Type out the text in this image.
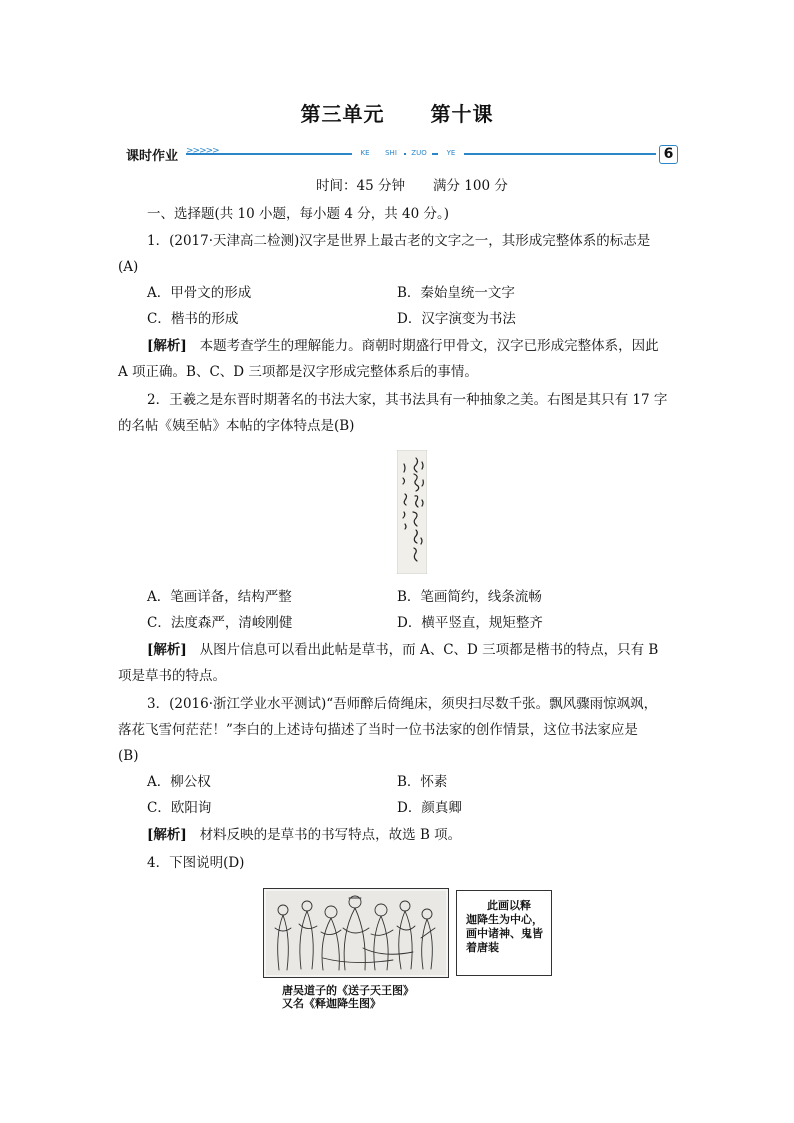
第三单元 第十课
课时作业 >>>>>	KE	SHI	ZUO	YE	6
时间：45 分钟 满分 100 分
一、选择题(共 10 小题，每小题 4 分，共 40 分。)
1．(2017·天津高二检测)汉字是世界上最古老的文字之一，其形成完整体系的标志是
(A)
A．甲骨文的形成	B．秦始皇统一文字
C．楷书的形成	D．汉字演变为书法
[解析] 本题考查学生的理解能力。商朝时期盛行甲骨文，汉字已形成完整体系，因此
A 项正确。B、C、D 三项都是汉字形成完整体系后的事情。
2．王羲之是东晋时期著名的书法大家，其书法具有一种抽象之美。右图是其只有 17 字
的名帖《姨至帖》本帖的字体特点是(B)
A．笔画详备，结构严整	B．笔画简约，线条流畅
C．法度森严，清峻刚健	D．横平竖直，规矩整齐
[解析] 从图片信息可以看出此帖是草书，而 A、C、D 三项都是楷书的特点，只有 B
项是草书的特点。
3．(2016·浙江学业水平测试)“吾师醉后倚绳床，须臾扫尽数千张。飘风骤雨惊飒飒，
落花飞雪何茫茫！”李白的上述诗句描述了当时一位书法家的创作情景，这位书法家应是
(B)
A．柳公权	B．怀素
C．欧阳询	D．颜真卿
[解析] 材料反映的是草书的书写特点，故选 B 项。
4．下图说明(D)
唐吴道子的《送子天王图》
又名《释迦降生图》
此画以释
迦降生为中心，
画中诸神、鬼皆
着唐装
